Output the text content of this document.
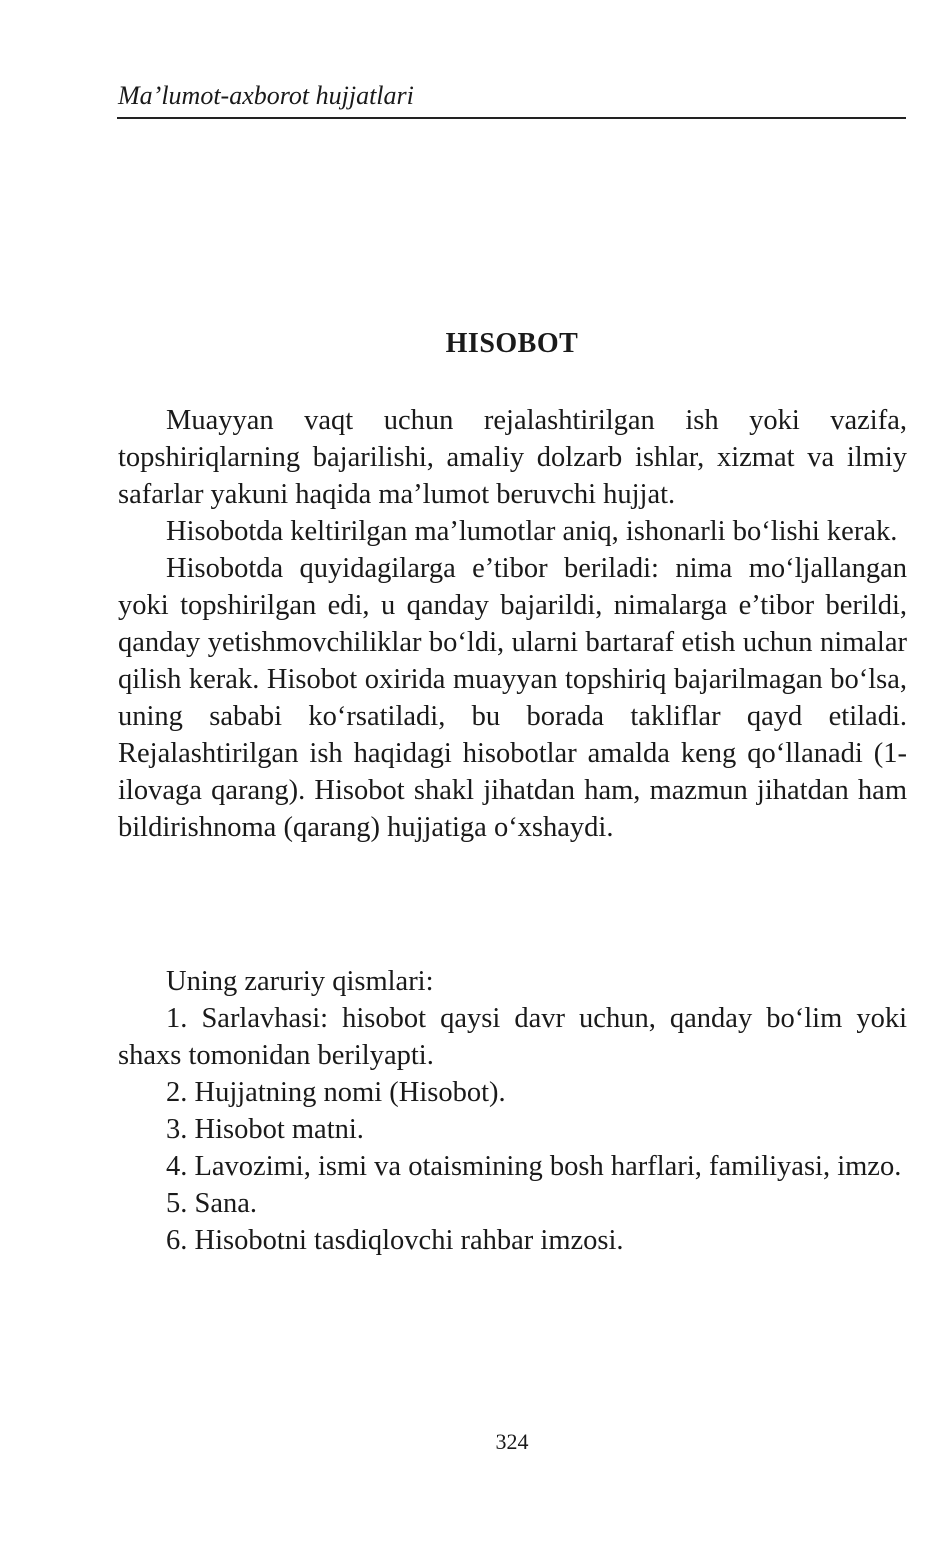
Ma’lumot-axborot hujjatlari
HISOBOT

Muayyan vaqt uchun rejalashtirilgan ish yoki vazifa, topshiriqlarning bajarilishi, amaliy dolzarb ishlar, xizmat va ilmiy safarlar yakuni haqida ma’lumot beruvchi hujjat.

Hisobotda keltirilgan ma’lumotlar aniq, ishonarli bo‘lishi kerak.

Hisobotda quyidagilarga e’tibor beriladi: nima mo‘ljallangan yoki topshirilgan edi, u qanday bajarildi, nimalarga e’tibor berildi, qanday yetishmovchiliklar bo‘ldi, ularni bartaraf etish uchun nimalar qilish kerak. Hisobot oxirida muayyan topshiriq bajarilmagan bo‘lsa, uning sababi ko‘rsatiladi, bu borada takliflar qayd etiladi. Rejalashtirilgan ish haqidagi hisobotlar amalda keng qo‘llanadi (1-ilovaga qarang). Hisobot shakl jihatdan ham, mazmun jihatdan ham bildirishnoma (qarang) hujjatiga o‘xshaydi.

Uning zaruriy qismlari:

1. Sarlavhasi: hisobot qaysi davr uchun, qanday bo‘lim yoki shaxs tomonidan berilyapti.

2. Hujjatning nomi (Hisobot).

3. Hisobot matni.

4. Lavozimi, ismi va otaismining bosh harflari, familiyasi, imzo.

5. Sana.

6. Hisobotni tasdiqlovchi rahbar imzosi.

324
